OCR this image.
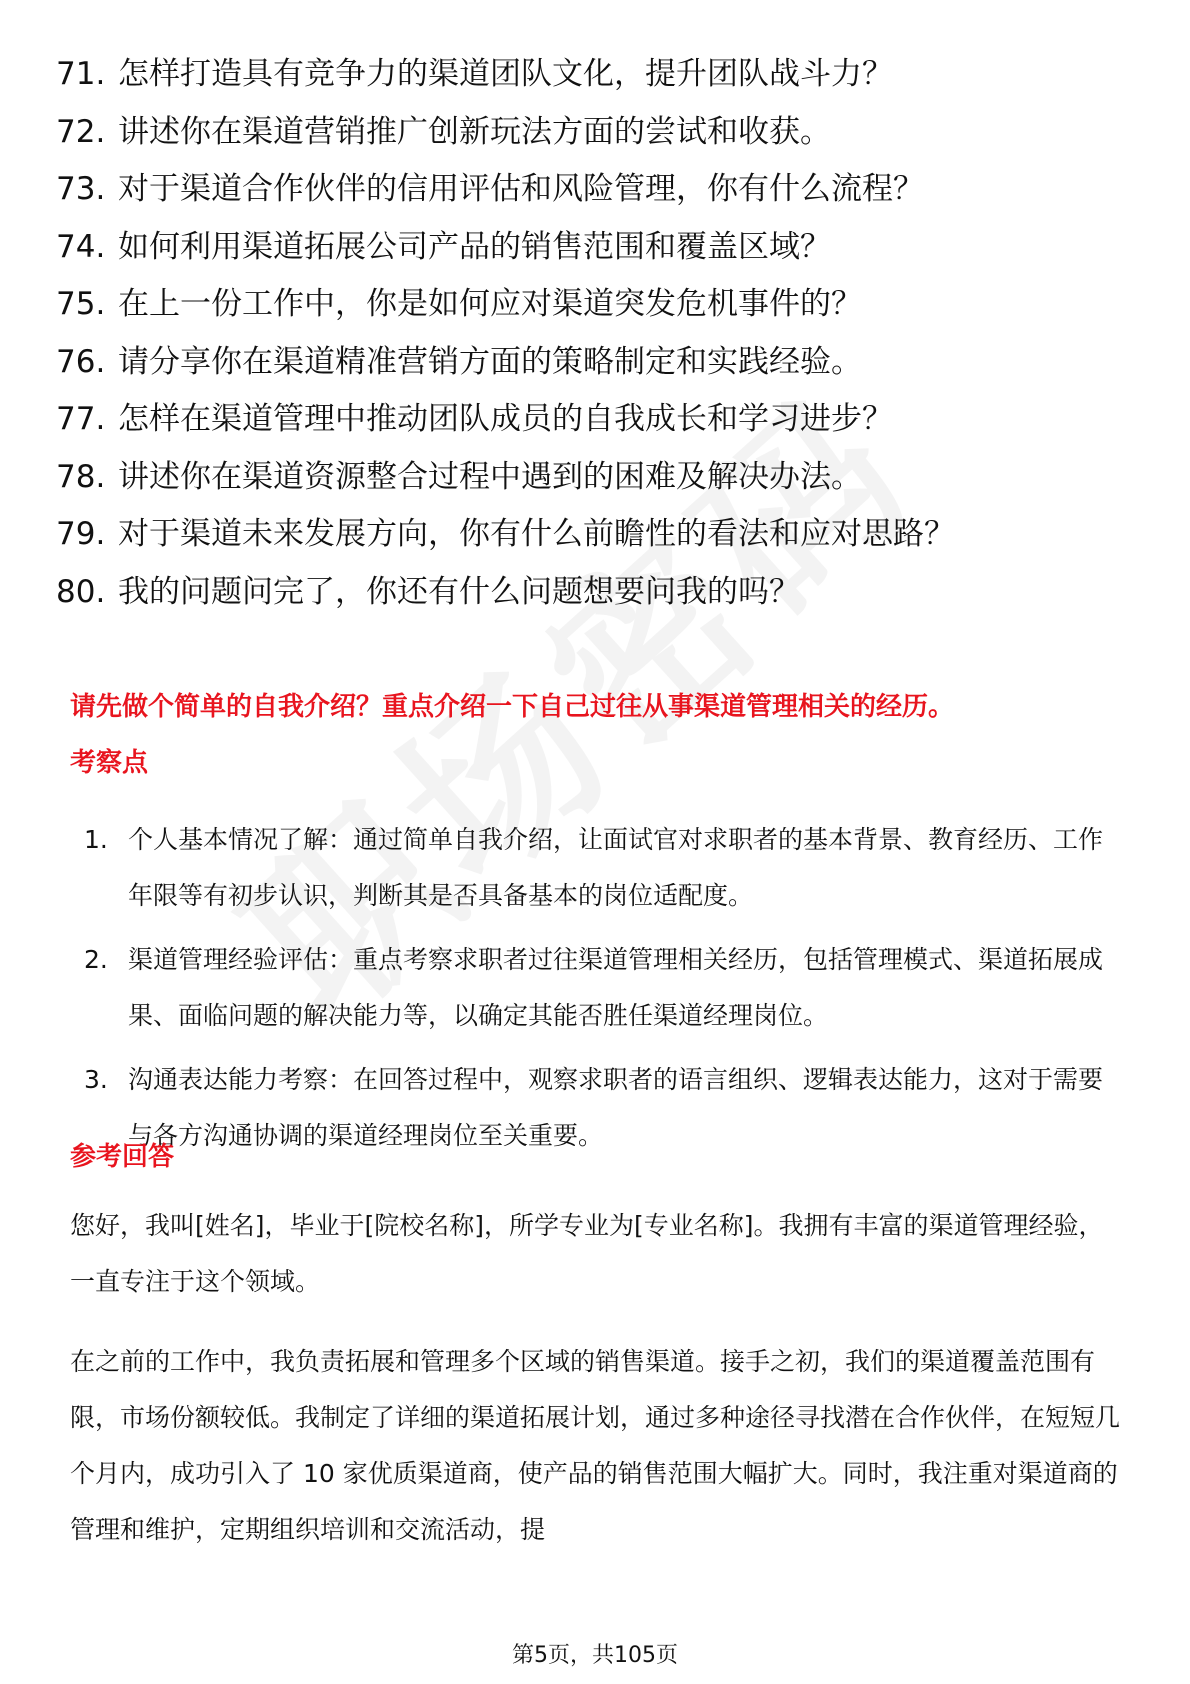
71. 怎样打造具有竞争力的渠道团队文化，提升团队战斗力？
72. 讲述你在渠道营销推广创新玩法方面的尝试和收获。
73. 对于渠道合作伙伴的信用评估和风险管理，你有什么流程？
74. 如何利用渠道拓展公司产品的销售范围和覆盖区域？
75. 在上一份工作中，你是如何应对渠道突发危机事件的？
76. 请分享你在渠道精准营销方面的策略制定和实践经验。
77. 怎样在渠道管理中推动团队成员的自我成长和学习进步？
78. 讲述你在渠道资源整合过程中遇到的困难及解决办法。
79. 对于渠道未来发展方向，你有什么前瞻性的看法和应对思路？
80. 我的问题问完了，你还有什么问题想要问我的吗？
请先做个简单的自我介绍？重点介绍一下自己过往从事渠道管理相关的经历。
考察点
1. 个人基本情况了解：通过简单自我介绍，让面试官对求职者的基本背景、教育经历、工作年限等有初步认识，判断其是否具备基本的岗位适配度。
2. 渠道管理经验评估：重点考察求职者过往渠道管理相关经历，包括管理模式、渠道拓展成果、面临问题的解决能力等，以确定其能否胜任渠道经理岗位。
3. 沟通表达能力考察：在回答过程中，观察求职者的语言组织、逻辑表达能力，这对于需要与各方沟通协调的渠道经理岗位至关重要。
参考回答
您好，我叫[姓名]，毕业于[院校名称]，所学专业为[专业名称]。我拥有丰富的渠道管理经验，一直专注于这个领域。
在之前的工作中，我负责拓展和管理多个区域的销售渠道。接手之初，我们的渠道覆盖范围有限，市场份额较低。我制定了详细的渠道拓展计划，通过多种途径寻找潜在合作伙伴，在短短几个月内，成功引入了 10 家优质渠道商，使产品的销售范围大幅扩大。同时，我注重对渠道商的管理和维护，定期组织培训和交流活动，提
第5页，共105页
